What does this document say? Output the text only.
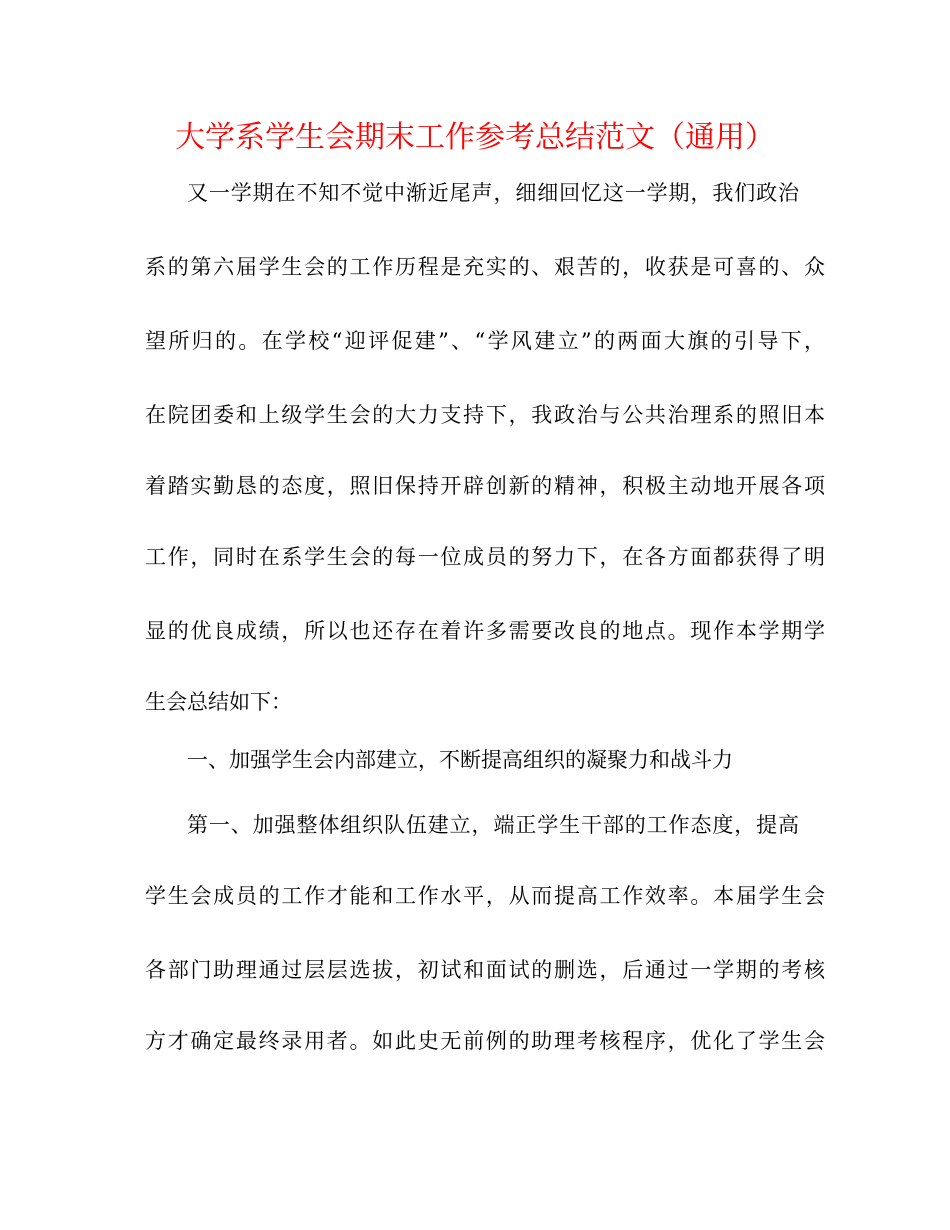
大学系学生会期末工作参考总结范文（通用）
又一学期在不知不觉中渐近尾声，细细回忆这一学期，我们政治
系的第六届学生会的工作历程是充实的、艰苦的，收获是可喜的、众
望所归的。在学校“迎评促建”、“学风建立”的两面大旗的引导下，
在院团委和上级学生会的大力支持下，我政治与公共治理系的照旧本
着踏实勤恳的态度，照旧保持开辟创新的精神，积极主动地开展各项
工作，同时在系学生会的每一位成员的努力下，在各方面都获得了明
显的优良成绩，所以也还存在着许多需要改良的地点。现作本学期学
生会总结如下：
一、加强学生会内部建立，不断提高组织的凝聚力和战斗力
第一、加强整体组织队伍建立，端正学生干部的工作态度，提高
学生会成员的工作才能和工作水平，从而提高工作效率。本届学生会
各部门助理通过层层选拔，初试和面试的删选，后通过一学期的考核
方才确定最终录用者。如此史无前例的助理考核程序，优化了学生会
